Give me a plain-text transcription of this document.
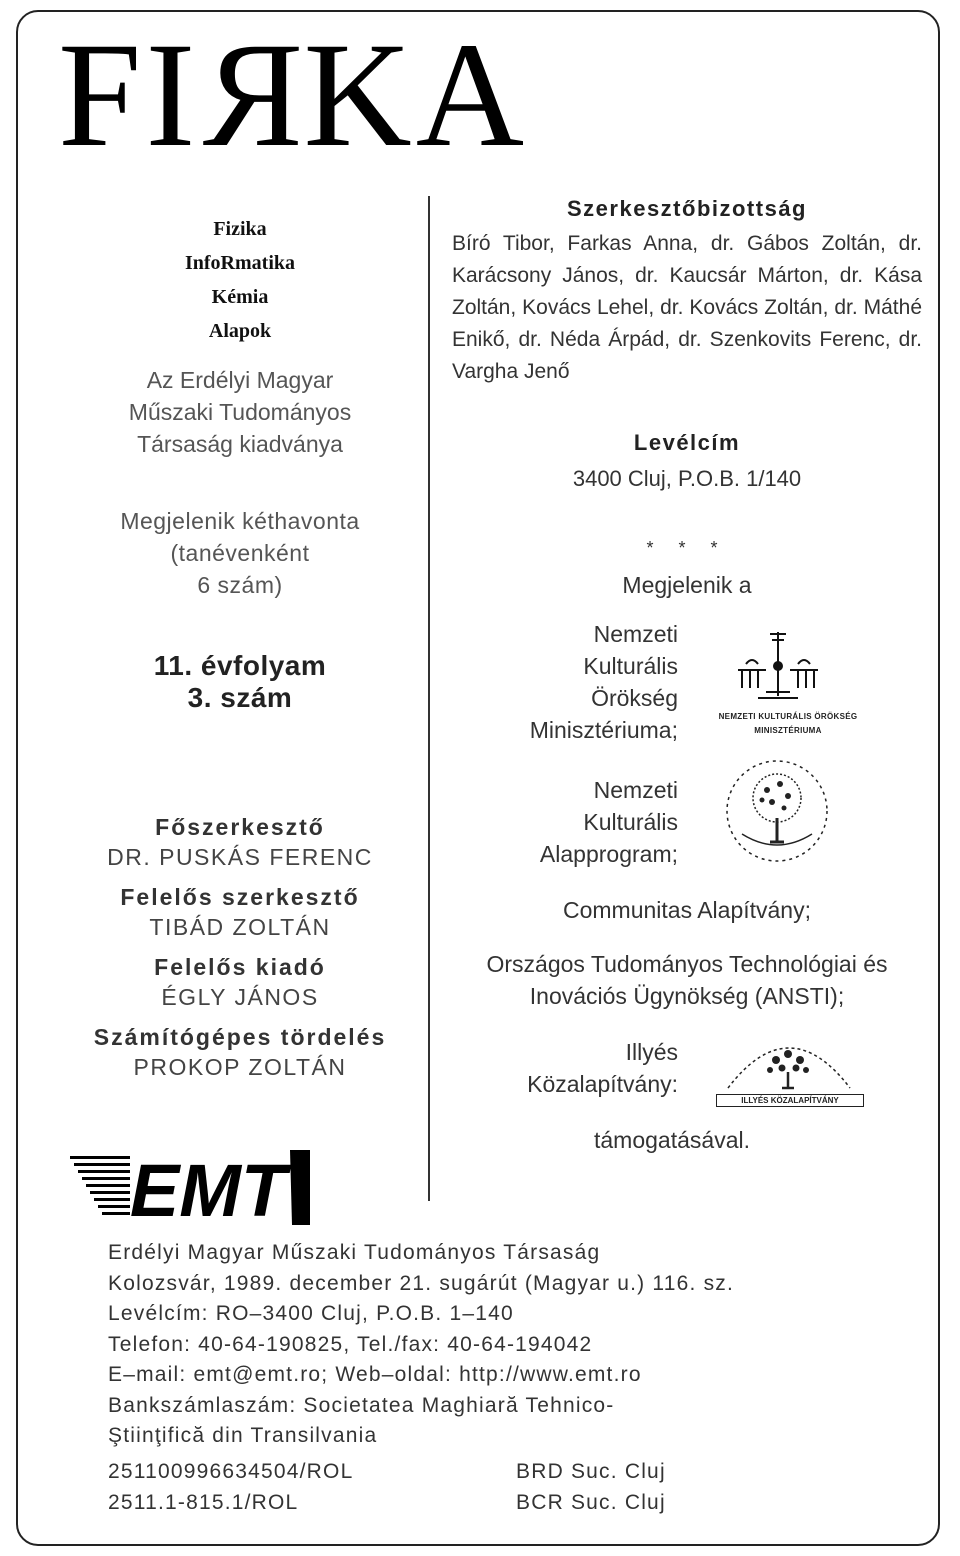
FIRKA
Fizika
InfoRmatika
Kémia
Alapok
Az Erdélyi Magyar
Műszaki Tudományos
Társaság kiadványa
Megjelenik kéthavonta
(tanévenként
6 szám)
11. évfolyam
3. szám
Főszerkesztő
DR. PUSKÁS FERENC
Felelős szerkesztő
TIBÁD ZOLTÁN
Felelős kiadó
ÉGLY JÁNOS
Számítógépes tördelés
PROKOP ZOLTÁN
EMT
Szerkesztőbizottság
Bíró Tibor, Farkas Anna, dr. Gábos Zoltán, dr. Karácsony János, dr. Kaucsár Márton, dr. Kása Zoltán, Kovács Lehel, dr. Kovács Zoltán, dr. Máthé Enikő, dr. Néda Árpád, dr. Szenkovits Ferenc, dr. Vargha Jenő
Levélcím
3400 Cluj, P.O.B. 1/140
* * *
Megjelenik a
Nemzeti
Kulturális
Örökség
Minisztériuma;
NEMZETI KULTURÁLIS ÖRÖKSÉG
MINISZTÉRIUMA
Nemzeti
Kulturális
Alapprogram;
Communitas Alapítvány;
Országos Tudományos Technológiai és
Inovációs Ügynökség (ANSTI);
Illyés
Közalapítvány:
ILLYÉS KÖZALAPÍTVÁNY
támogatásával.
Erdélyi Magyar Műszaki Tudományos Társaság
Kolozsvár, 1989. december 21. sugárút (Magyar u.) 116. sz.
Levélcím: RO–3400 Cluj, P.O.B. 1–140
Telefon: 40-64-190825, Tel./fax: 40-64-194042
E–mail: emt@emt.ro; Web–oldal: http://www.emt.ro
Bankszámlaszám: Societatea Maghiară Tehnico-
Ştiinţifică din Transilvania
251100996634504/ROL	BRD Suc. Cluj
2511.1-815.1/ROL	BCR Suc. Cluj
